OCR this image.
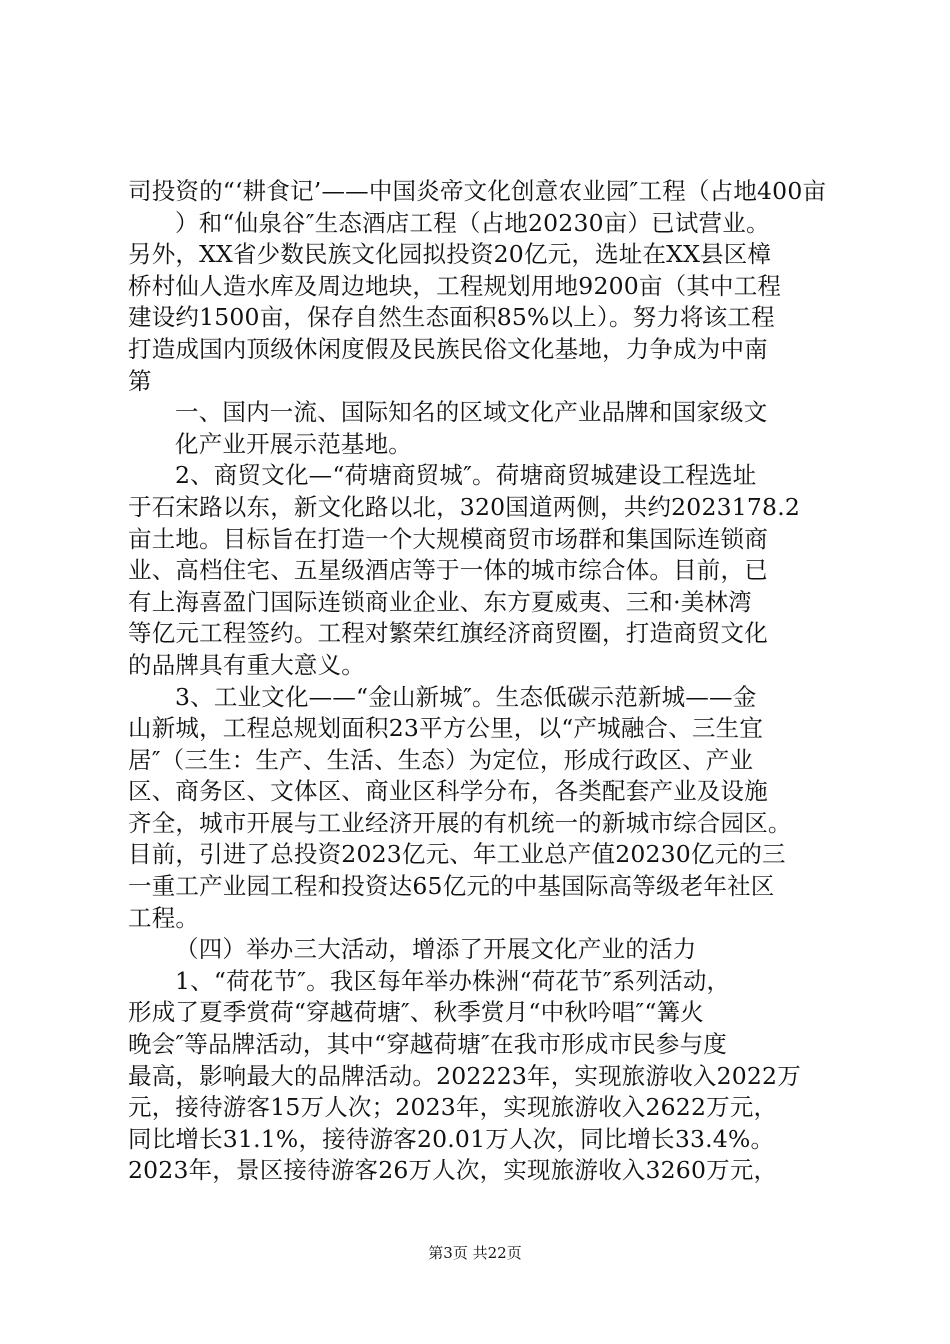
司投资的“‘耕食记’——中国炎帝文化创意农业园″工程（占地400亩
）和“仙泉谷″生态酒店工程（占地20230亩）已试营业。
另外，XX省少数民族文化园拟投资20亿元，选址在XX县区樟
桥村仙人造水库及周边地块，工程规划用地9200亩（其中工程
建设约1500亩，保存自然生态面积85%以上）。努力将该工程
打造成国内顶级休闲度假及民族民俗文化基地，力争成为中南
第
一、国内一流、国际知名的区域文化产业品牌和国家级文
化产业开展示范基地。
2、商贸文化—“荷塘商贸城″。荷塘商贸城建设工程选址
于石宋路以东，新文化路以北，320国道两侧，共约2023178.2
亩土地。目标旨在打造一个大规模商贸市场群和集国际连锁商
业、高档住宅、五星级酒店等于一体的城市综合体。目前，已
有上海喜盈门国际连锁商业企业、东方夏威夷、三和·美林湾
等亿元工程签约。工程对繁荣红旗经济商贸圈，打造商贸文化
的品牌具有重大意义。
3、工业文化——“金山新城″。生态低碳示范新城——金
山新城，工程总规划面积23平方公里，以“产城融合、三生宜
居″（三生：生产、生活、生态）为定位，形成行政区、产业
区、商务区、文体区、商业区科学分布，各类配套产业及设施
齐全，城市开展与工业经济开展的有机统一的新城市综合园区。
目前，引进了总投资2023亿元、年工业总产值20230亿元的三
一重工产业园工程和投资达65亿元的中基国际高等级老年社区
工程。
（四）举办三大活动，增添了开展文化产业的活力
1、“荷花节″。我区每年举办株洲“荷花节″系列活动，
形成了夏季赏荷“穿越荷塘″、秋季赏月“中秋吟唱″“篝火
晚会″等品牌活动，其中“穿越荷塘″在我市形成市民参与度
最高，影响最大的品牌活动。202223年，实现旅游收入2022万
元，接待游客15万人次；2023年，实现旅游收入2622万元，
同比增长31.1%，接待游客20.01万人次，同比增长33.4%。
2023年，景区接待游客26万人次，实现旅游收入3260万元，
第3页 共22页
